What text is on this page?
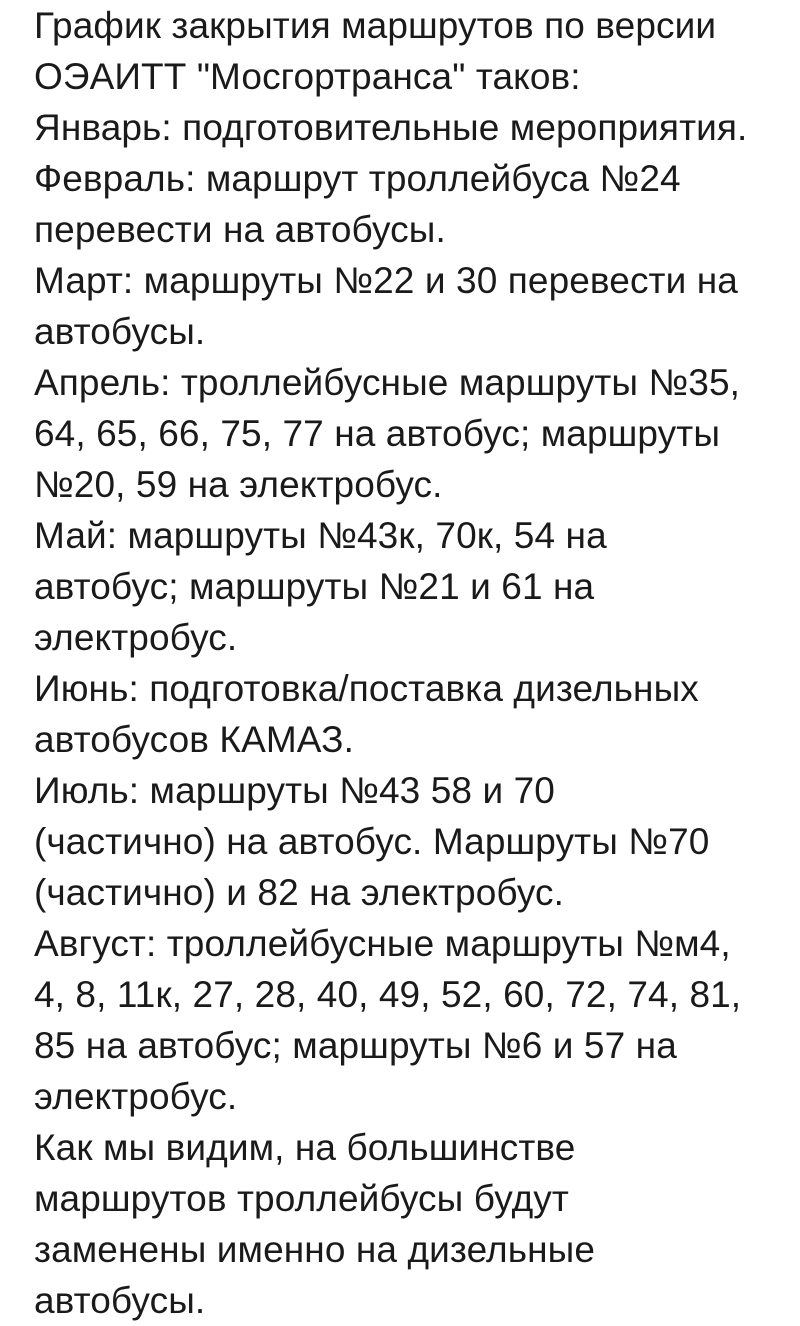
График закрытия маршрутов по версии
ОЭАИТТ "Мосгортранса" таков:
Январь: подготовительные мероприятия.
Февраль: маршрут троллейбуса №24
перевести на автобусы.
Март: маршруты №22 и 30 перевести на
автобусы.
Апрель: троллейбусные маршруты №35,
64, 65, 66, 75, 77 на автобус; маршруты
№20, 59 на электробус.
Май: маршруты №43к, 70к, 54 на
автобус; маршруты №21 и 61 на
электробус.
Июнь: подготовка/поставка дизельных
автобусов КАМАЗ.
Июль: маршруты №43 58 и 70
(частично) на автобус. Маршруты №70
(частично) и 82 на электробус.
Август: троллейбусные маршруты №м4,
4, 8, 11к, 27, 28, 40, 49, 52, 60, 72, 74, 81,
85 на автобус; маршруты №6 и 57 на
электробус.
Как мы видим, на большинстве
маршрутов троллейбусы будут
заменены именно на дизельные
автобусы.
